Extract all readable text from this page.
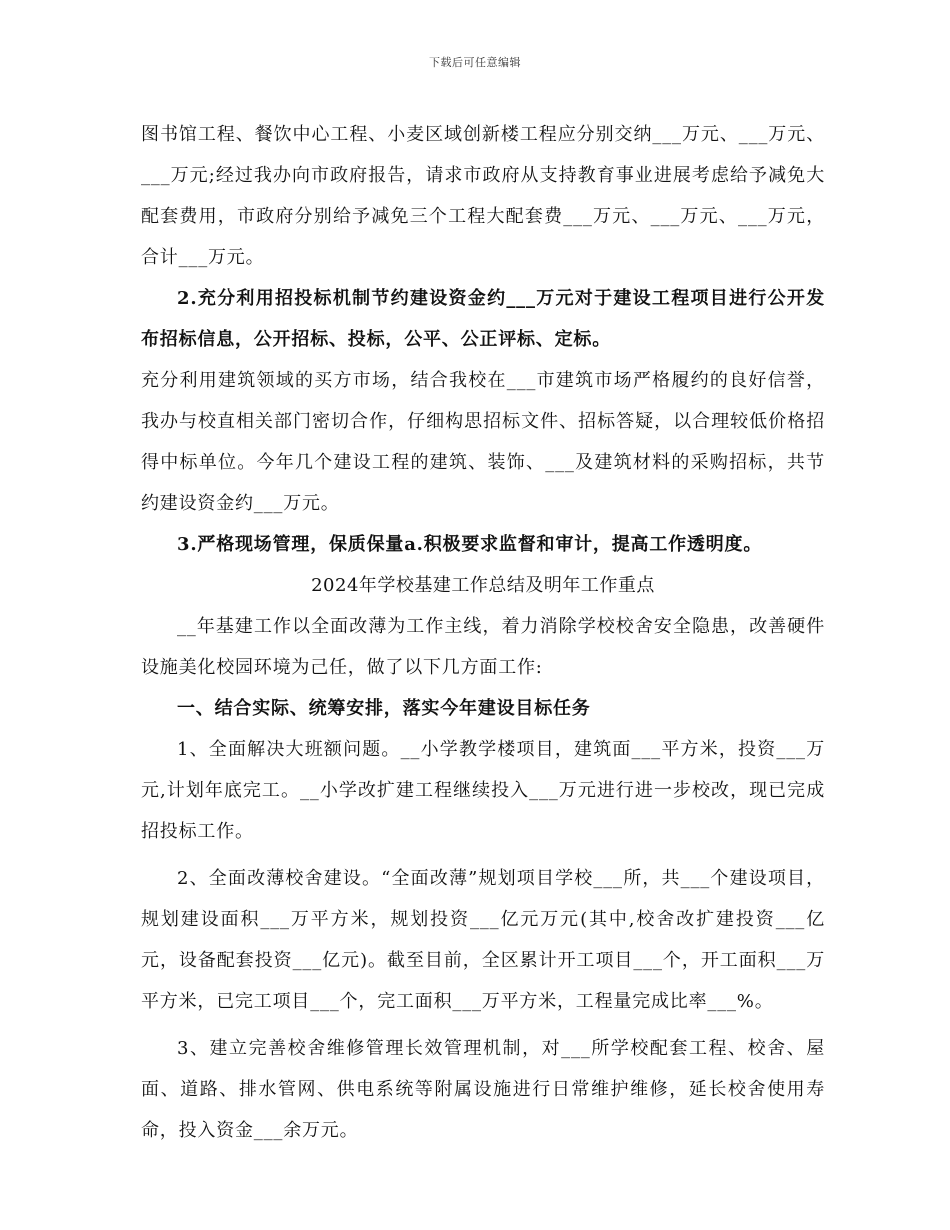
下载后可任意编辑

图书馆工程、餐饮中心工程、小麦区域创新楼工程应分别交纳___万元、___万元、___万元;经过我办向市政府报告，请求市政府从支持教育事业进展考虑给予减免大配套费用，市政府分别给予减免三个工程大配套费___万元、___万元、___万元，合计___万元。

2.充分利用招投标机制节约建设资金约___万元对于建设工程项目进行公开发布招标信息，公开招标、投标，公平、公正评标、定标。

充分利用建筑领域的买方市场，结合我校在___市建筑市场严格履约的良好信誉，我办与校直相关部门密切合作，仔细构思招标文件、招标答疑，以合理较低价格招得中标单位。今年几个建设工程的建筑、装饰、___及建筑材料的采购招标，共节约建设资金约___万元。

3.严格现场管理，保质保量a.积极要求监督和审计，提高工作透明度。

2024年学校基建工作总结及明年工作重点

__年基建工作以全面改薄为工作主线，着力消除学校校舍安全隐患，改善硬件设施美化校园环境为己任，做了以下几方面工作:

一、结合实际、统筹安排，落实今年建设目标任务

1、全面解决大班额问题。__小学教学楼项目，建筑面___平方米，投资___万元,计划年底完工。__小学改扩建工程继续投入___万元进行进一步校改，现已完成招投标工作。

2、全面改薄校舍建设。“全面改薄”规划项目学校___所，共___个建设项目，规划建设面积___万平方米，规划投资___亿元万元(其中,校舍改扩建投资___亿元，设备配套投资___亿元)。截至目前，全区累计开工项目___个，开工面积___万平方米，已完工项目___个，完工面积___万平方米，工程量完成比率___%。

3、建立完善校舍维修管理长效管理机制，对___所学校配套工程、校舍、屋面、道路、排水管网、供电系统等附属设施进行日常维护维修，延长校舍使用寿命，投入资金___余万元。
